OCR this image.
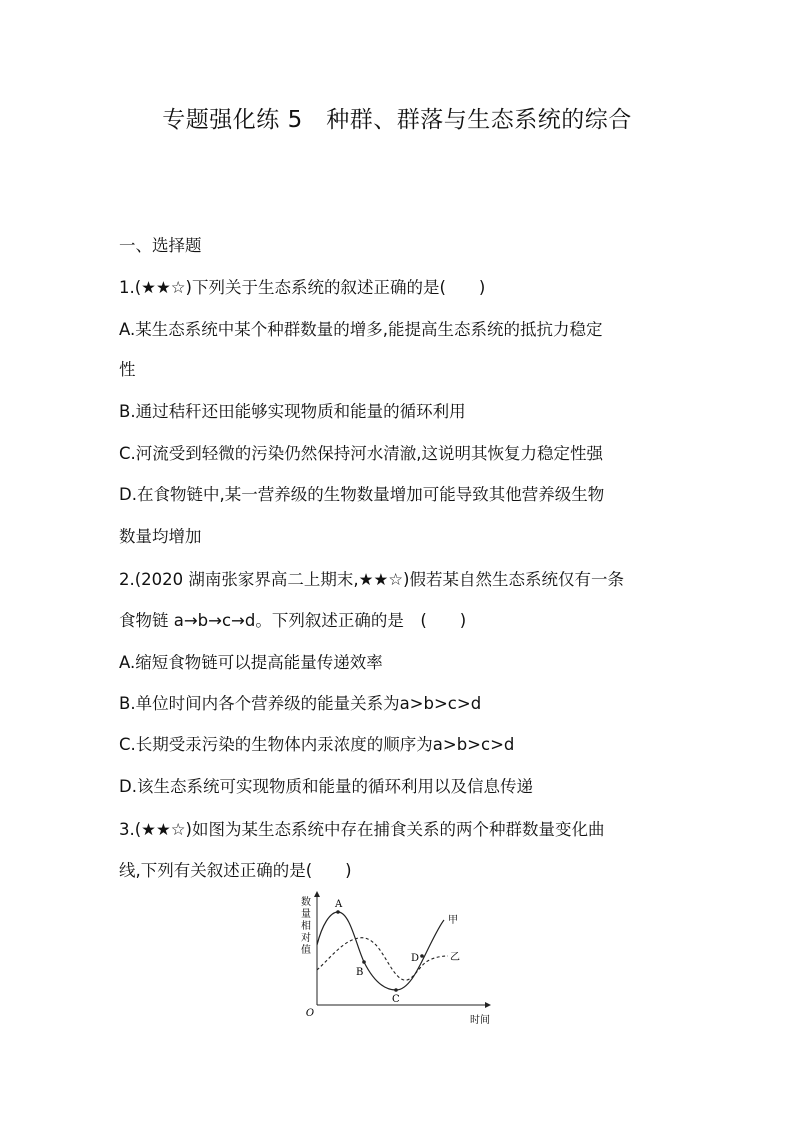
专题强化练 5　种群、群落与生态系统的综合
一、选择题
1.(★★☆)下列关于生态系统的叙述正确的是(　　)
A.某生态系统中某个种群数量的增多,能提高生态系统的抵抗力稳定
性
B.通过秸秆还田能够实现物质和能量的循环利用
C.河流受到轻微的污染仍然保持河水清澈,这说明其恢复力稳定性强
D.在食物链中,某一营养级的生物数量增加可能导致其他营养级生物
数量均增加
2.(2020 湖南张家界高二上期末,★★☆)假若某自然生态系统仅有一条
食物链 a→b→c→d。下列叙述正确的是　(　　)
A.缩短食物链可以提高能量传递效率
B.单位时间内各个营养级的能量关系为a>b>c>d
C.长期受汞污染的生物体内汞浓度的顺序为a>b>c>d
D.该生态系统可实现物质和能量的循环利用以及信息传递
3.(★★☆)如图为某生态系统中存在捕食关系的两个种群数量变化曲
线,下列有关叙述正确的是(　　)
数
量
相
对
值
O
时间
A
B
C
D
甲
乙
